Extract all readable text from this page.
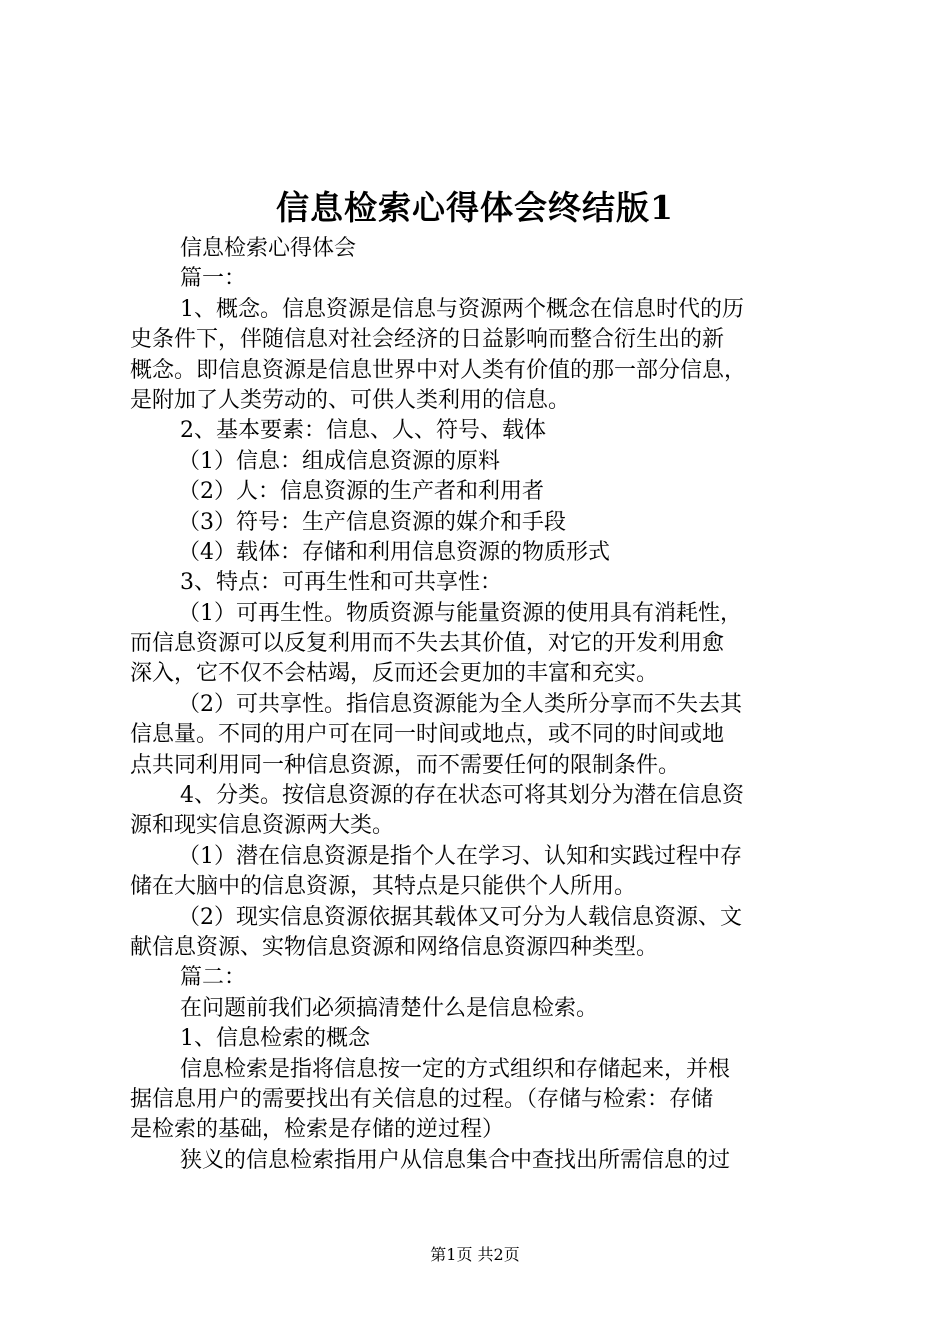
信息检索心得体会终结版1
信息检索心得体会
篇一：
1、概念。信息资源是信息与资源两个概念在信息时代的历
史条件下，伴随信息对社会经济的日益影响而整合衍生出的新
概念。即信息资源是信息世界中对人类有价值的那一部分信息，
是附加了人类劳动的、可供人类利用的信息。
2、基本要素：信息、人、符号、载体
（1）信息：组成信息资源的原料
（2）人：信息资源的生产者和利用者
（3）符号：生产信息资源的媒介和手段
（4）载体：存储和利用信息资源的物质形式
3、特点：可再生性和可共享性：
（1）可再生性。物质资源与能量资源的使用具有消耗性，
而信息资源可以反复利用而不失去其价值，对它的开发利用愈
深入，它不仅不会枯竭，反而还会更加的丰富和充实。
（2）可共享性。指信息资源能为全人类所分享而不失去其
信息量。不同的用户可在同一时间或地点，或不同的时间或地
点共同利用同一种信息资源，而不需要任何的限制条件。
4、分类。按信息资源的存在状态可将其划分为潜在信息资
源和现实信息资源两大类。
（1）潜在信息资源是指个人在学习、认知和实践过程中存
储在大脑中的信息资源，其特点是只能供个人所用。
（2）现实信息资源依据其载体又可分为人载信息资源、文
献信息资源、实物信息资源和网络信息资源四种类型。
篇二：
在问题前我们必须搞清楚什么是信息检索。
1、信息检索的概念
信息检索是指将信息按一定的方式组织和存储起来，并根
据信息用户的需要找出有关信息的过程。（存储与检索：存储
是检索的基础，检索是存储的逆过程）
狭义的信息检索指用户从信息集合中查找出所需信息的过
第1页 共2页
